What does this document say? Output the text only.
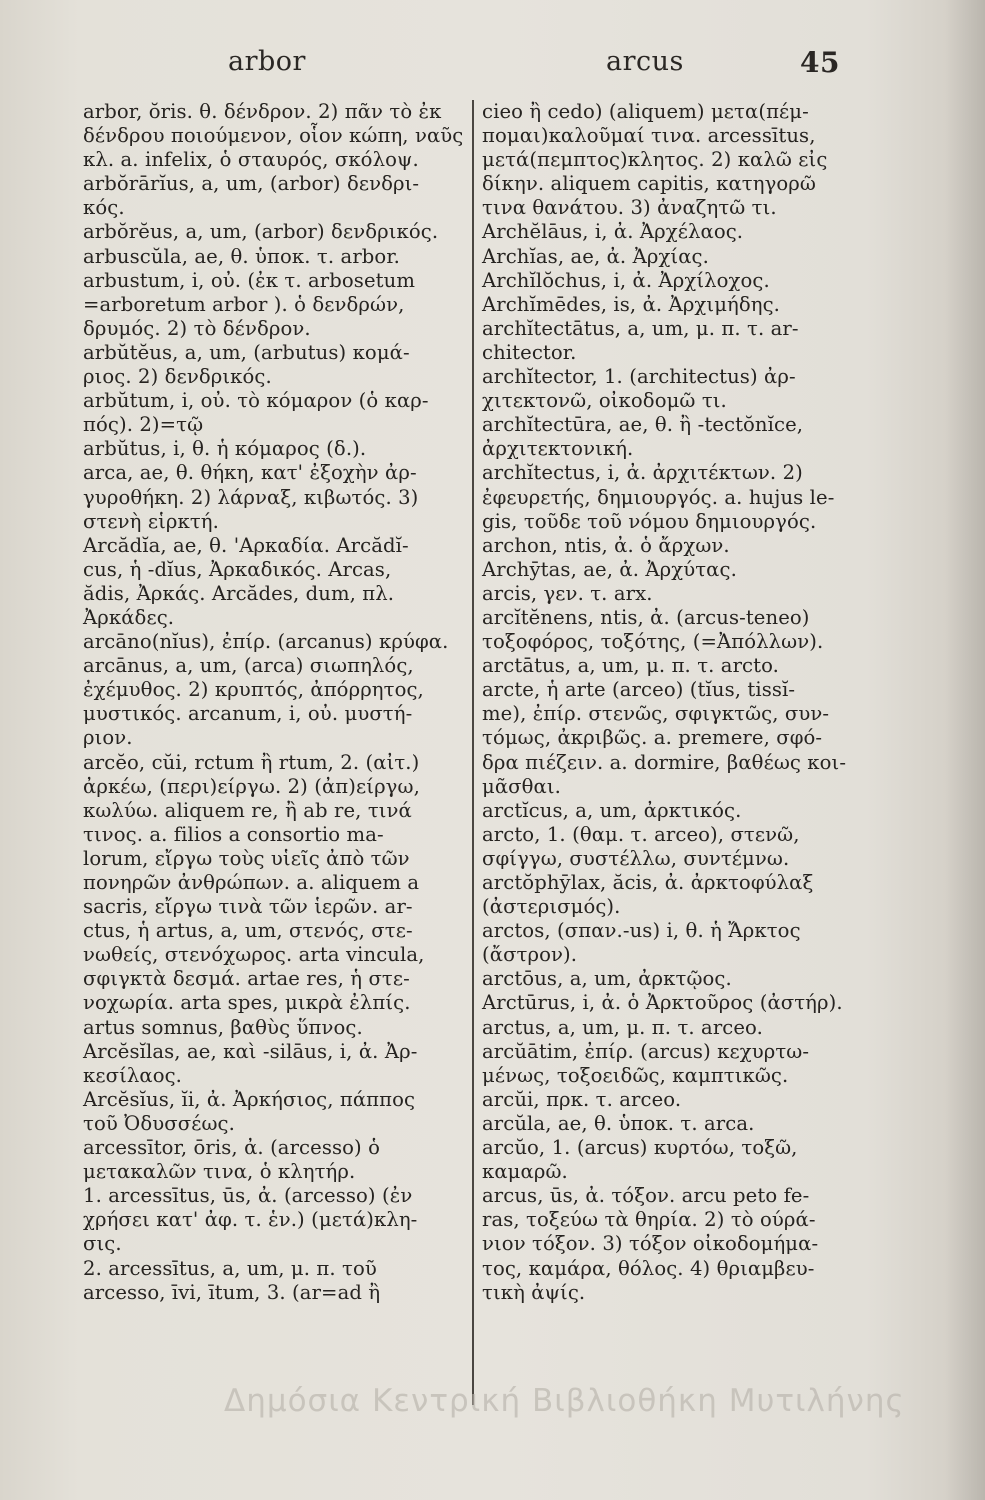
arbor	arcus	45
arbor, ŏris. θ. δένδρον. 2) πᾶν τὸ ἐκ
δένδρου ποιούμενον, οἷον κώπη, ναῦς
κλ. a. infelix, ὁ σταυρός, σκόλοψ.
arbŏrārĭus, a, um, (arbor) δενδρι-
κός.
arbŏrĕus, a, um, (arbor) δενδρικός.
arbuscŭla, ae, θ. ὑποκ. τ. arbor.
arbustum, i, οὐ. (ἐκ τ. arbosetum
=arboretum arbor ). ὁ δενδρών,
δρυμός. 2) τὸ δένδρον.
arbŭtĕus, a, um, (arbutus) κομά-
ριος. 2) δενδρικός.
arbŭtum, i, οὐ. τὸ κόμαρον (ὁ καρ-
πός). 2)=τῷ
arbŭtus, i, θ. ἡ κόμαρος (δ.).
arca, ae, θ. θήκη, κατ' ἐξοχὴν ἀρ-
γυροθήκη. 2) λάρναξ, κιβωτός. 3)
στενὴ εἱρκτή.
Arcădĭa, ae, θ. 'Αρκαδία. Arcădĭ-
cus, ἡ -dĭus, Ἀρκαδικός. Arcas,
ădis, Ἀρκάς. Arcădes, dum, πλ.
Ἀρκάδες.
arcāno(nĭus), ἐπίρ. (arcanus) κρύφα.
arcānus, a, um, (arca) σιωπηλός,
ἐχέμυθος. 2) κρυπτός, ἀπόρρητος,
μυστικός. arcanum, i, οὐ. μυστή-
ριον.
arcĕo, cŭi, rctum ἢ rtum, 2. (αἰτ.)
ἀρκέω, (περι)είργω. 2) (ἀπ)είργω,
κωλύω. aliquem re, ἢ ab re, τινά
τινος. a. filios a consortio ma-
lorum, εἴργω τοὺς υἱεῖς ἀπὸ τῶν
πονηρῶν ἀνθρώπων. a. aliquem a
sacris, εἴργω τινὰ τῶν ἱερῶν. ar-
ctus, ἡ artus, a, um, στενός, στε-
νωθείς, στενόχωρος. arta vincula,
σφιγκτὰ δεσμά. artae res, ἡ στε-
νοχωρία. arta spes, μικρὰ ἐλπίς.
artus somnus, βαθὺς ὕπνος.
Arcĕsĭlas, ae, καὶ -silāus, i, ἀ. Ἀρ-
κεσίλαος.
Arcĕsĭus, ĭi, ἀ. Ἀρκήσιος, πάππος
τοῦ Ὀδυσσέως.
arcessītor, ōris, ἀ. (arcesso) ὁ
μετακαλῶν τινα, ὁ κλητήρ.
1. arcessītus, ūs, ἀ. (arcesso) (ἐν
χρήσει κατ' ἀφ. τ. ἑν.) (μετά)κλη-
σις.
2. arcessītus, a, um, μ. π. τοῦ
arcesso, īvi, ītum, 3. (ar=ad ἢ
cieo ἢ cedo) (aliquem) μετα(πέμ-
πομαι)καλοῦμαί τινα. arcessītus,
μετά(πεμπτος)κλητος. 2) καλῶ εἰς
δίκην. aliquem capitis, κατηγορῶ
τινα θανάτου. 3) ἀναζητῶ τι.
Archĕlāus, i, ἀ. Ἀρχέλαος.
Archĭas, ae, ἀ. Ἀρχίας.
Archĭlŏchus, i, ἀ. Ἀρχίλοχος.
Archĭmēdes, is, ἀ. Ἀρχιμήδης.
archĭtectātus, a, um, μ. π. τ. ar-
chitector.
archĭtector, 1. (architectus) ἀρ-
χιτεκτονῶ, οἰκοδομῶ τι.
archĭtectūra, ae, θ. ἢ -tectŏnĭce,
ἀρχιτεκτονική.
archĭtectus, i, ἀ. ἀρχιτέκτων. 2)
ἐφευρετής, δημιουργός. a. hujus le-
gis, τοῦδε τοῦ νόμου δημιουργός.
archon, ntis, ἀ. ὁ ἄρχων.
Archȳtas, ae, ἀ. Ἀρχύτας.
arcis, γεν. τ. arx.
arcĭtĕnens, ntis, ἀ. (arcus-teneo)
τοξοφόρος, τοξότης, (=Ἀπόλλων).
arctātus, a, um, μ. π. τ. arcto.
arcte, ἡ arte (arceo) (tĭus, tissĭ-
me), ἐπίρ. στενῶς, σφιγκτῶς, συν-
τόμως, ἀκριβῶς. a. premere, σφό-
δρα πιέζειν. a. dormire, βαθέως κοι-
μᾶσθαι.
arctĭcus, a, um, ἀρκτικός.
arcto, 1. (θαμ. τ. arceo), στενῶ,
σφίγγω, συστέλλω, συντέμνω.
arctŏphȳlax, ăcis, ἀ. ἀρκτοφύλαξ
(ἀστερισμός).
arctos, (σπαν.-us) i, θ. ἡ Ἄρκτος
(ἄστρον).
arctōus, a, um, ἀρκτῷος.
Arctūrus, i, ἀ. ὁ Ἀρκτοῦρος (ἀστήρ).
arctus, a, um, μ. π. τ. arceo.
arcŭātim, ἐπίρ. (arcus) κεχυρτω-
μένως, τοξοειδῶς, καμπτικῶς.
arcŭi, πρκ. τ. arceo.
arcŭla, ae, θ. ὑποκ. τ. arca.
arcŭo, 1. (arcus) κυρτόω, τοξῶ,
καμαρῶ.
arcus, ūs, ἀ. τόξον. arcu peto fe-
ras, τοξεύω τὰ θηρία. 2) τὸ ούρά-
νιον τόξον. 3) τόξον οἰκοδομήμα-
τος, καμάρα, θόλος. 4) θριαμβευ-
τικὴ ἀψίς.
Δημόσια Κεντρική Βιβλιοθήκη Μυτιλήνης
